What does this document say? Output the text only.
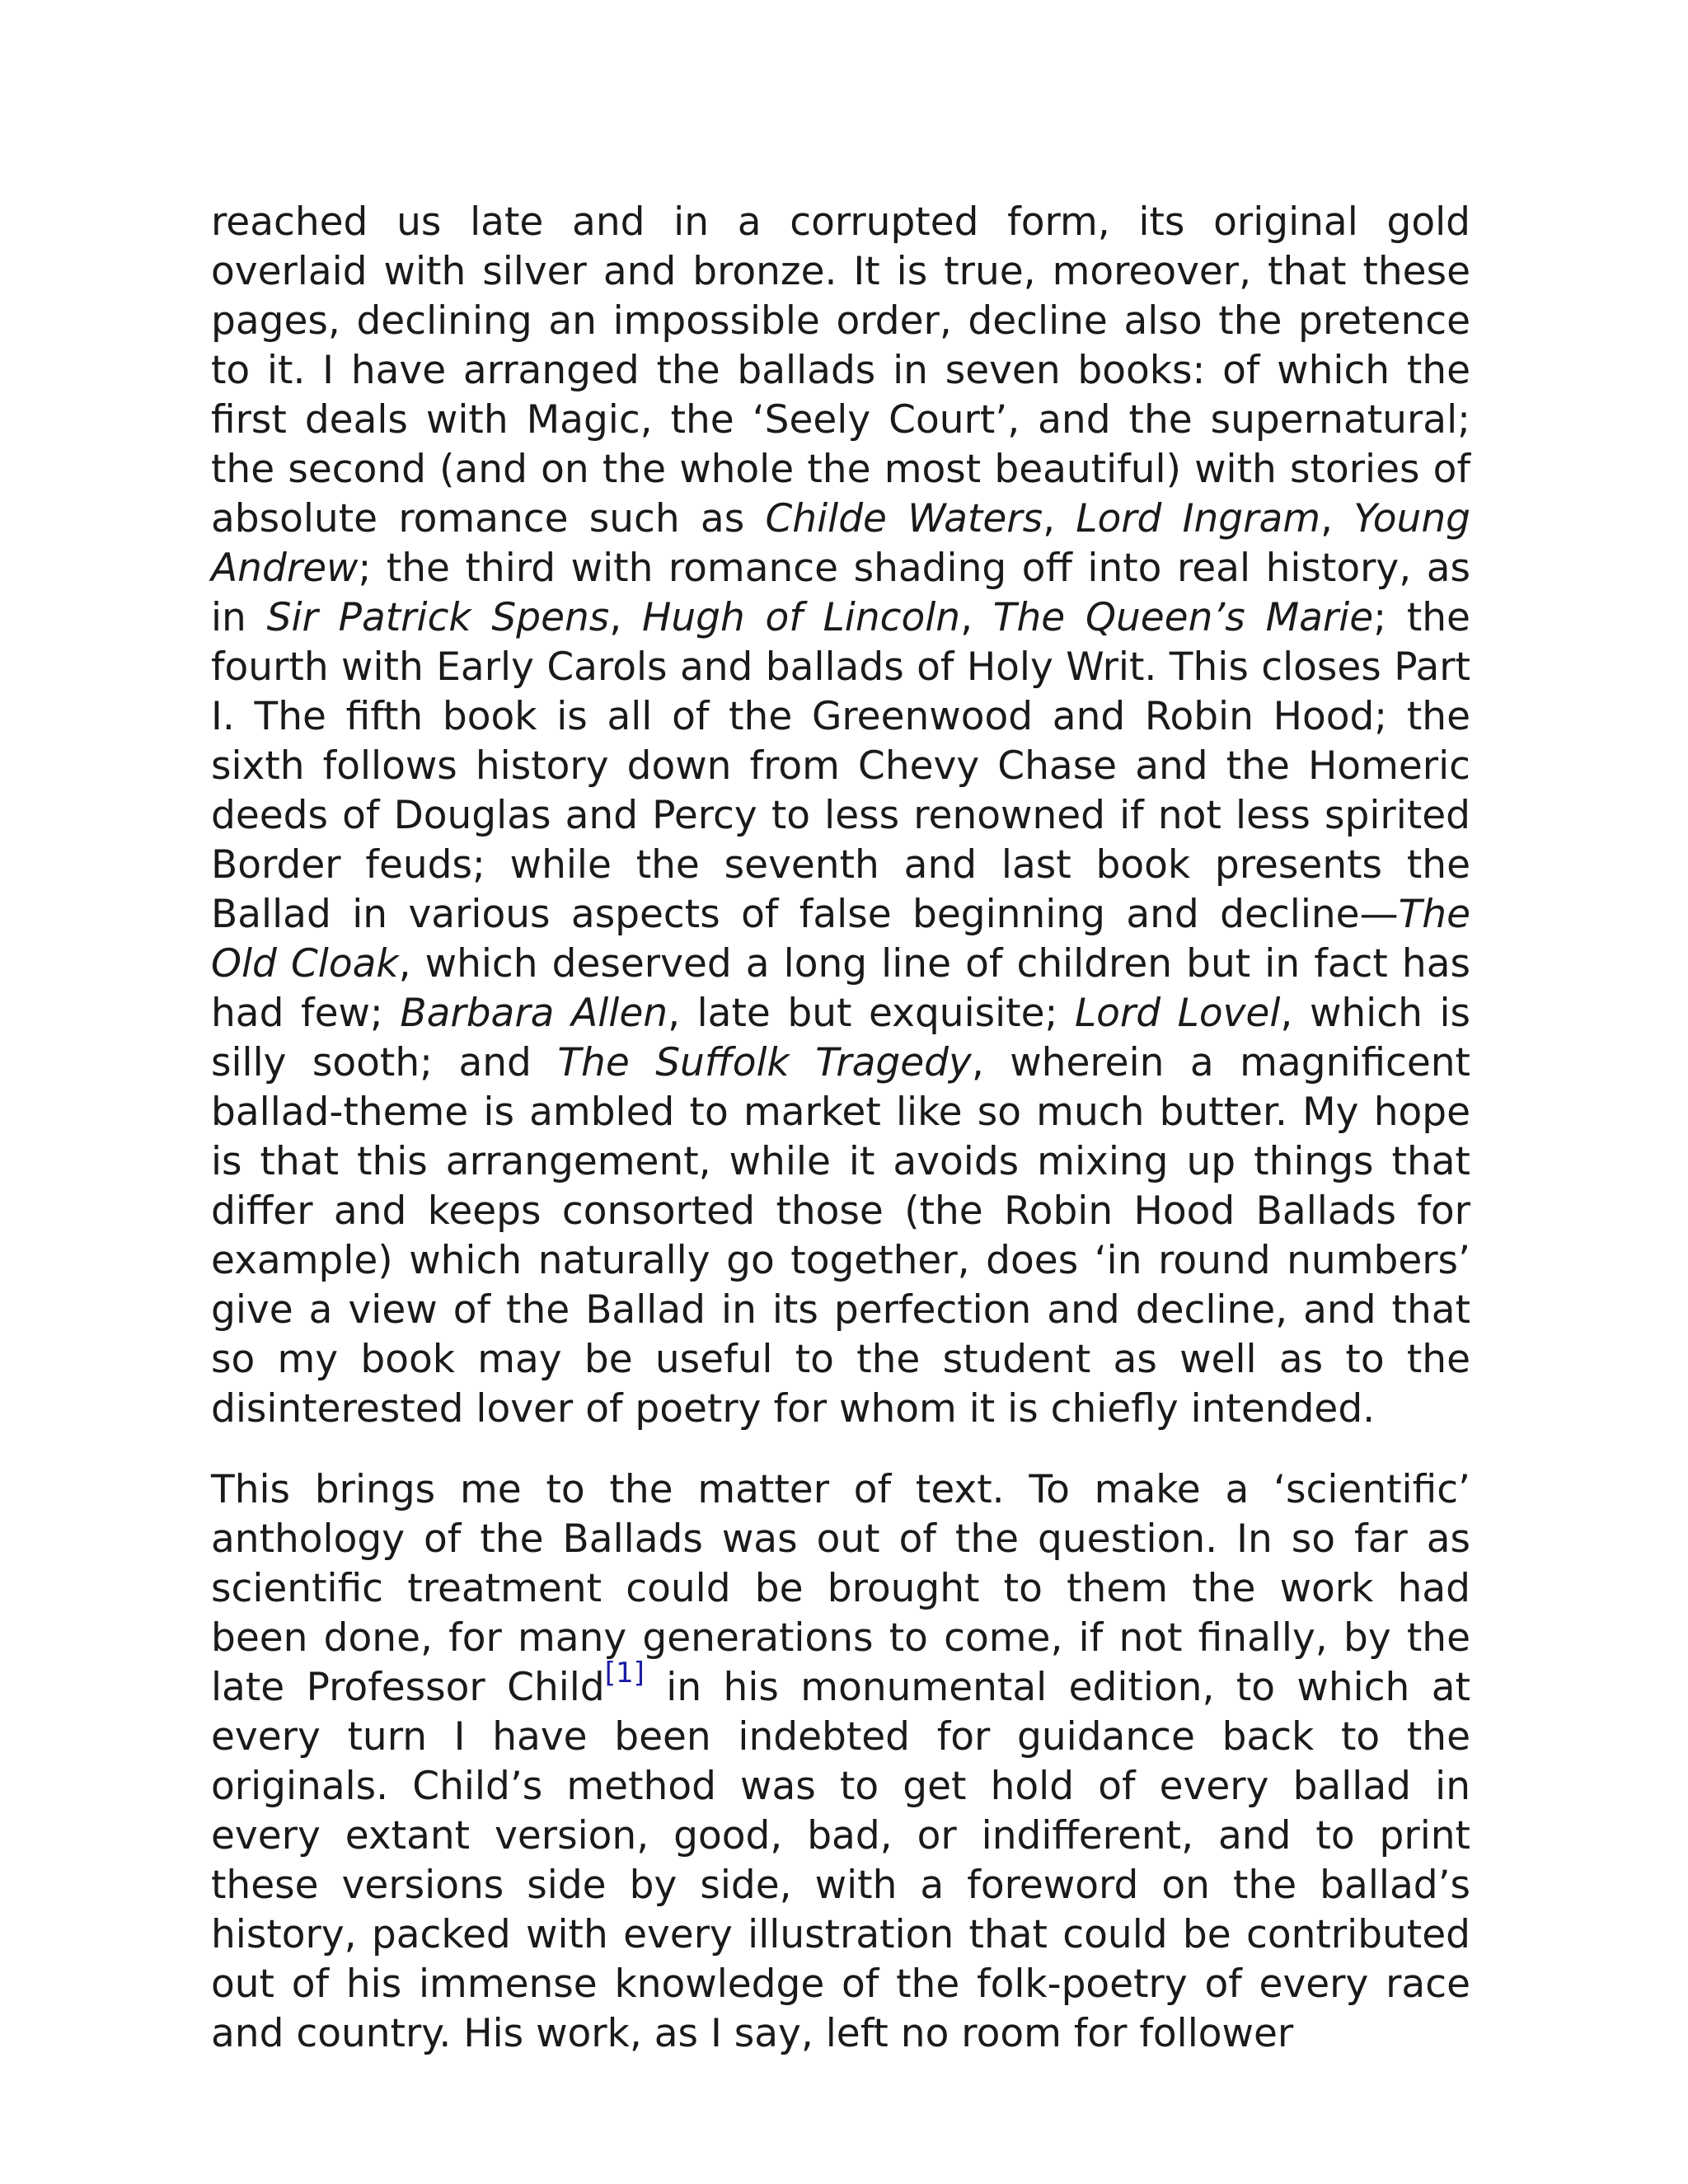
reached us late and in a corrupted form, its original gold overlaid with silver and bronze. It is true, moreover, that these pages, declining an impossible order, decline also the pretence to it. I have arranged the ballads in seven books: of which the first deals with Magic, the ‘Seely Court’, and the supernatural; the second (and on the whole the most beautiful) with stories of absolute romance such as Childe Waters, Lord Ingram, Young Andrew; the third with romance shading off into real history, as in Sir Patrick Spens, Hugh of Lincoln, The Queen’s Marie; the fourth with Early Carols and ballads of Holy Writ. This closes Part I. The fifth book is all of the Greenwood and Robin Hood; the sixth follows history down from Chevy Chase and the Homeric deeds of Douglas and Percy to less renowned if not less spirited Border feuds; while the seventh and last book presents the Ballad in various aspects of false beginning and decline—The Old Cloak, which deserved a long line of children but in fact has had few; Barbara Allen, late but exquisite; Lord Lovel, which is silly sooth; and The Suffolk Tragedy, wherein a magnificent ballad-theme is ambled to market like so much butter. My hope is that this arrangement, while it avoids mixing up things that differ and keeps consorted those (the Robin Hood Ballads for example) which naturally go together, does ‘in round numbers’ give a view of the Ballad in its perfection and decline, and that so my book may be useful to the student as well as to the disinterested lover of poetry for whom it is chiefly intended.

This brings me to the matter of text. To make a ‘scientific’ anthology of the Ballads was out of the question. In so far as scientific treatment could be brought to them the work had been done, for many generations to come, if not finally, by the late Professor Child[1] in his monumental edition, to which at every turn I have been indebted for guidance back to the originals. Child’s method was to get hold of every ballad in every extant version, good, bad, or indifferent, and to print these versions side by side, with a foreword on the ballad’s history, packed with every illustration that could be contributed out of his immense knowledge of the folk-poetry of every race and country. His work, as I say, left no room for follower
